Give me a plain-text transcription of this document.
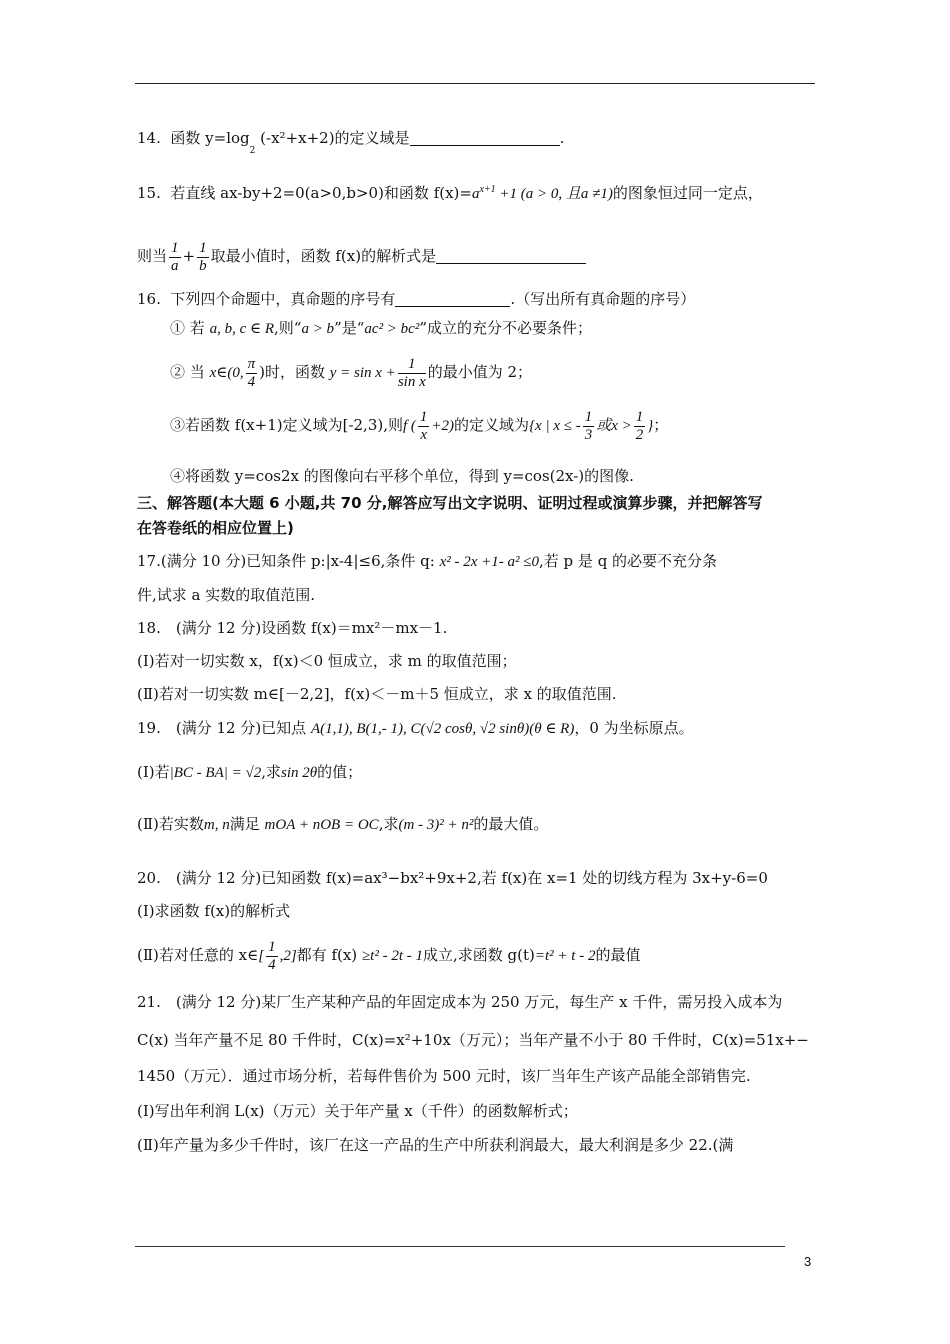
14. 函数 $y=\log_2$ (-x²+x+2)的定义域是	.
15. 若直线 ax-by+2=0(a>0,b>0)和函数 $f(x)=a^{x+1} +1$ (a > 0, 且a ≠1)的图象恒过同一定点，
则当 $\frac{1}{a} + \frac{1}{b}$ 取最小值时，函数 f(x)的解析式是
16. 下列四个命题中，真命题的序号有	.（写出所有真命题的序号）
① 若 a, b, c ∈ R,则“a > b”是“ac² > bc²”成立的充分不必要条件；
② 当 x∈(0, $\frac{\pi}{4}$ )时，函数 $y = \sin x + \frac{1}{\text{sin x}}$ 的最小值为 2；
③若函数 f(x+1)定义域为[-2,3),则f ( $\frac{1}{x} +2$)的定义域为{x | x ≤ - $\frac{1}{3}$ 或$x > \frac{1}{2}$ }；
④将函数 y=cos2x 的图像向右平移个单位，得到 y=cos(2x-)的图像.
三、解答题(本大题 6 小题,共 70 分,解答应写出文字说明、证明过程或演算步骤，并把解答写
在答卷纸的相应位置上)
17.(满分 10 分)已知条件 p:|x-4|≤6,条件 q: x² - 2x +1- a² ≤0,若 p 是 q 的必要不充分条
件,试求 a 实数的取值范围.
18.　(满分 12 分)设函数 f(x)＝mx²－mx－1.
(Ⅰ)若对一切实数 x，f(x)＜0 恒成立，求 m 的取值范围；
(Ⅱ)若对一切实数 m∈[－2,2]，f(x)＜－m＋5 恒成立，求 x 的取值范围.
19.　(满分 12 分)已知点 A(1,1), B(1,- 1), C(√2 cosθ, √2 sinθ)(θ ∈ R)，0 为坐标原点。
(Ⅰ)若|BC - BA| = √2,求sin 2θ的值；
(Ⅱ)若实数m, n满足 mOA + nOB = OC,求(m - 3)² + n²的最大值。
20.　(满分 12 分)已知函数 f(x)=ax³−bx²+9x+2,若 f(x)在 x=1 处的切线方程为 3x+y-6=0
(Ⅰ)求函数 f(x)的解析式
(Ⅱ)若对任意的 x∈[ $\frac{1}{4} ,2$]都有 f(x) ≥t² - 2t - 1成立,求函数 g(t)=t² + t - 2的最值
21.　(满分 12 分)某厂生产某种产品的年固定成本为 250 万元，每生产 x 千件，需另投入成本为
C(x) 当年产量不足 80 千件时，C(x)=x²+10x（万元）；当年产量不小于 80 千件时，C(x)=51x+−
1450（万元）．通过市场分析，若每件售价为 500 元时，该厂当年生产该产品能全部销售完.
(Ⅰ)写出年利润 L(x)（万元）关于年产量 x（千件）的函数解析式；
(Ⅱ)年产量为多少千件时，该厂在这一产品的生产中所获利润最大，最大利润是多少 22.(满
3
